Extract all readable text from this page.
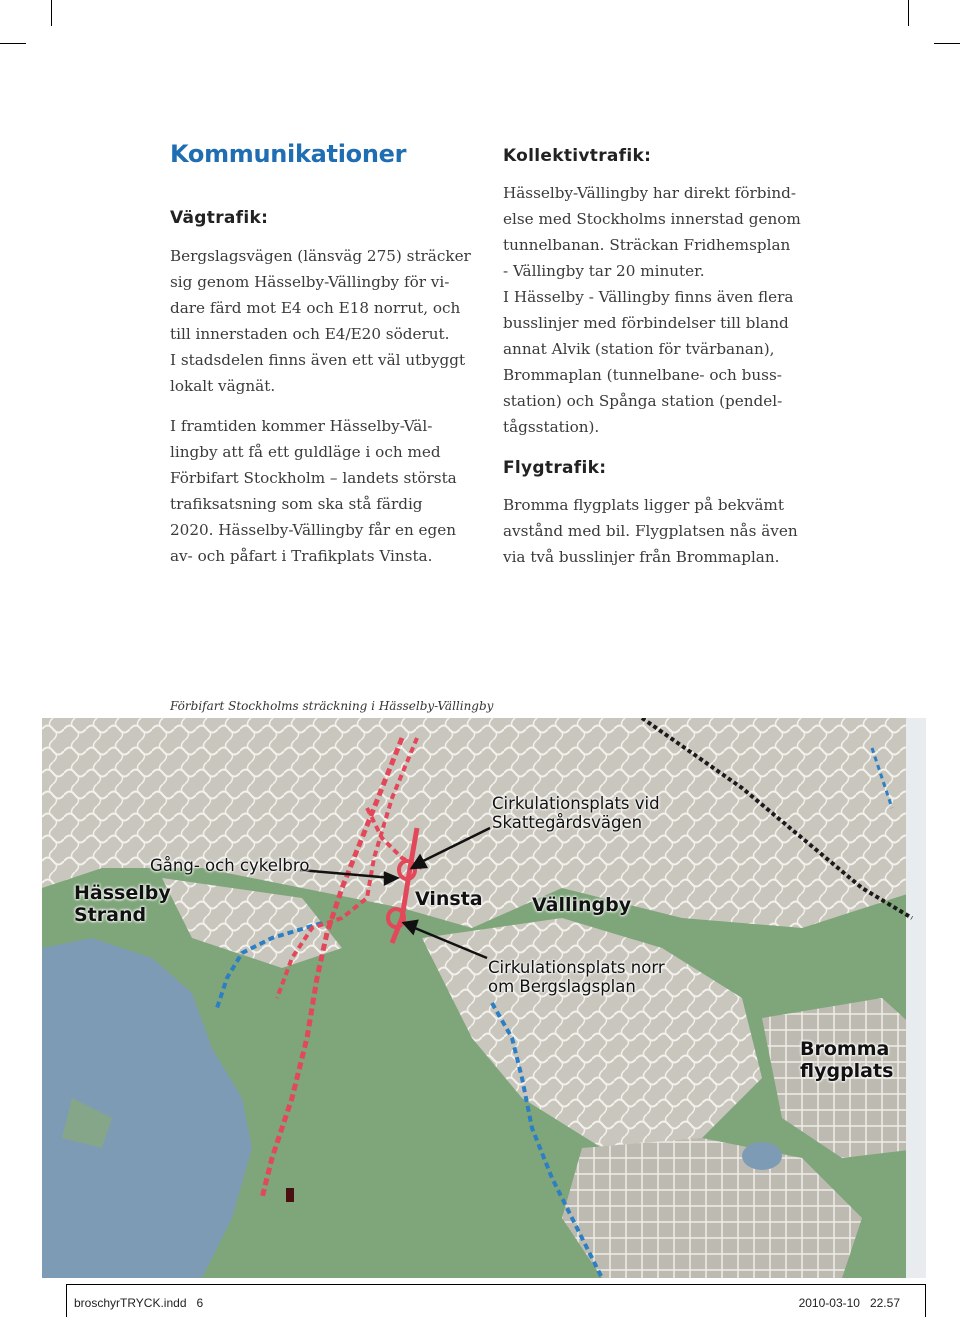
Kommunikationer
Vägtrafik:
Bergslagsvägen (länsväg 275) sträcker
sig genom Hässelby-Vällingby för vi-
dare färd mot E4 och E18 norrut, och
till innerstaden och E4/E20 söderut.
I stadsdelen finns även ett väl utbyggt
lokalt vägnät.
I framtiden kommer Hässelby-Väl-
lingby att få ett guldläge i och med
Förbifart Stockholm – landets största
trafiksatsning som ska stå färdig
2020. Hässelby-Vällingby får en egen
av- och påfart i Trafikplats Vinsta.
Kollektivtrafik:
Hässelby-Vällingby har direkt förbind-
else med Stockholms innerstad genom
tunnelbanan. Sträckan Fridhemsplan
- Vällingby tar 20 minuter.
I Hässelby - Vällingby finns även flera
busslinjer med förbindelser till bland
annat Alvik (station för tvärbanan),
Brommaplan (tunnelbane- och buss-
station) och Spånga station (pendel-
tågsstation).
Flygtrafik:
Bromma flygplats ligger på bekvämt
avstånd med bil. Flygplatsen nås även
via två busslinjer från Brommaplan.
Förbifart Stockholms sträckning i Hässelby-Vällingby
Cirkulationsplats vid
Skattegårdsvägen
Gång- och cykelbro
Hässelby
Strand
Vinsta	Vällingby
Cirkulationsplats norr
om Bergslagsplan
Bromma
flygplats
broschyrTRYCK.indd   6	2010-03-10   22.57
